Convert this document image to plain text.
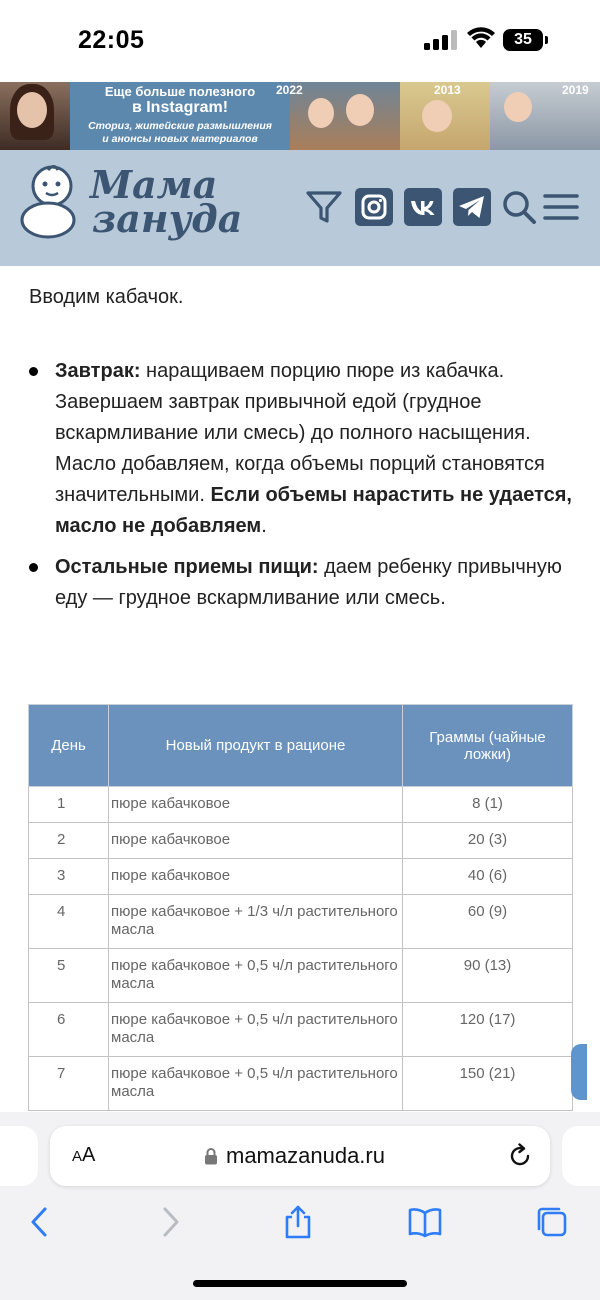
22:05	35
Еще больше полезного
в Instagram!
Сториз, житейские размышления
и анонсы новых материалов
2022	2013	2019
Мама
зануда
Вводим кабачок.
Завтрак: наращиваем порцию пюре из кабачка. Завершаем завтрак привычной едой (грудное вскармливание или смесь) до полного насыщения. Масло добавляем, когда объемы порций становятся значительными. Если объемы нарастить не удается, масло не добавляем.
Остальные приемы пищи: даем ребенку привычную еду — грудное вскармливание или смесь.
День	Новый продукт в рационе	Граммы (чайные ложки)
1	пюре кабачковое	8 (1)
2	пюре кабачковое	20 (3)
3	пюре кабачковое	40 (6)
4	пюре кабачковое + 1/3 ч/л растительного масла	60 (9)
5	пюре кабачковое + 0,5 ч/л растительного масла	90 (13)
6	пюре кабачковое + 0,5 ч/л растительного масла	120 (17)
7	пюре кабачковое + 0,5 ч/л растительного масла	150 (21)
AA	mamazanuda.ru
